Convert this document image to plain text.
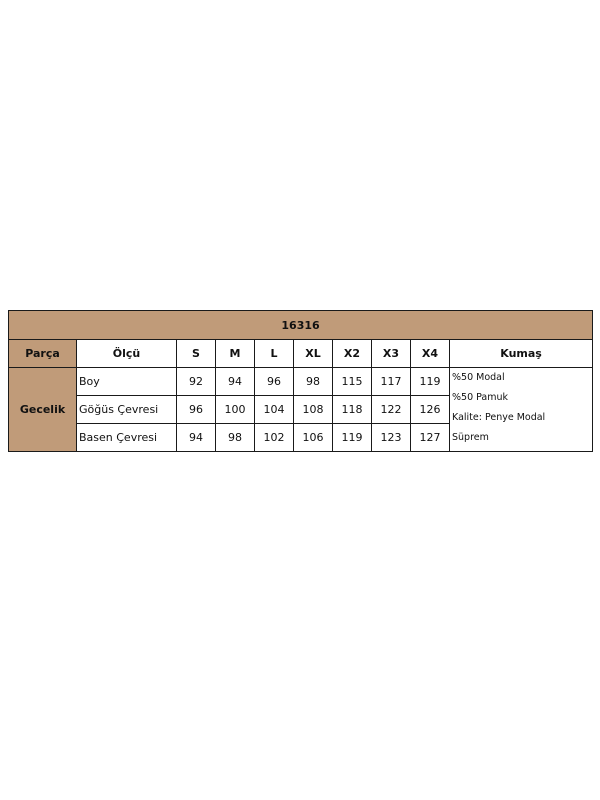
16316									
Parça	Ölçü	S	M	L	XL	X2	X3	X4	Kumaş
Gecelik	Boy	92	94	96	98	115	117	119	%50 Modal
%50 Pamuk
Kalite: Penye Modal
Süprem

	Göğüs Çevresi	96	100	104	108	118	122	126	
	Basen Çevresi	94	98	102	106	119	123	127	
